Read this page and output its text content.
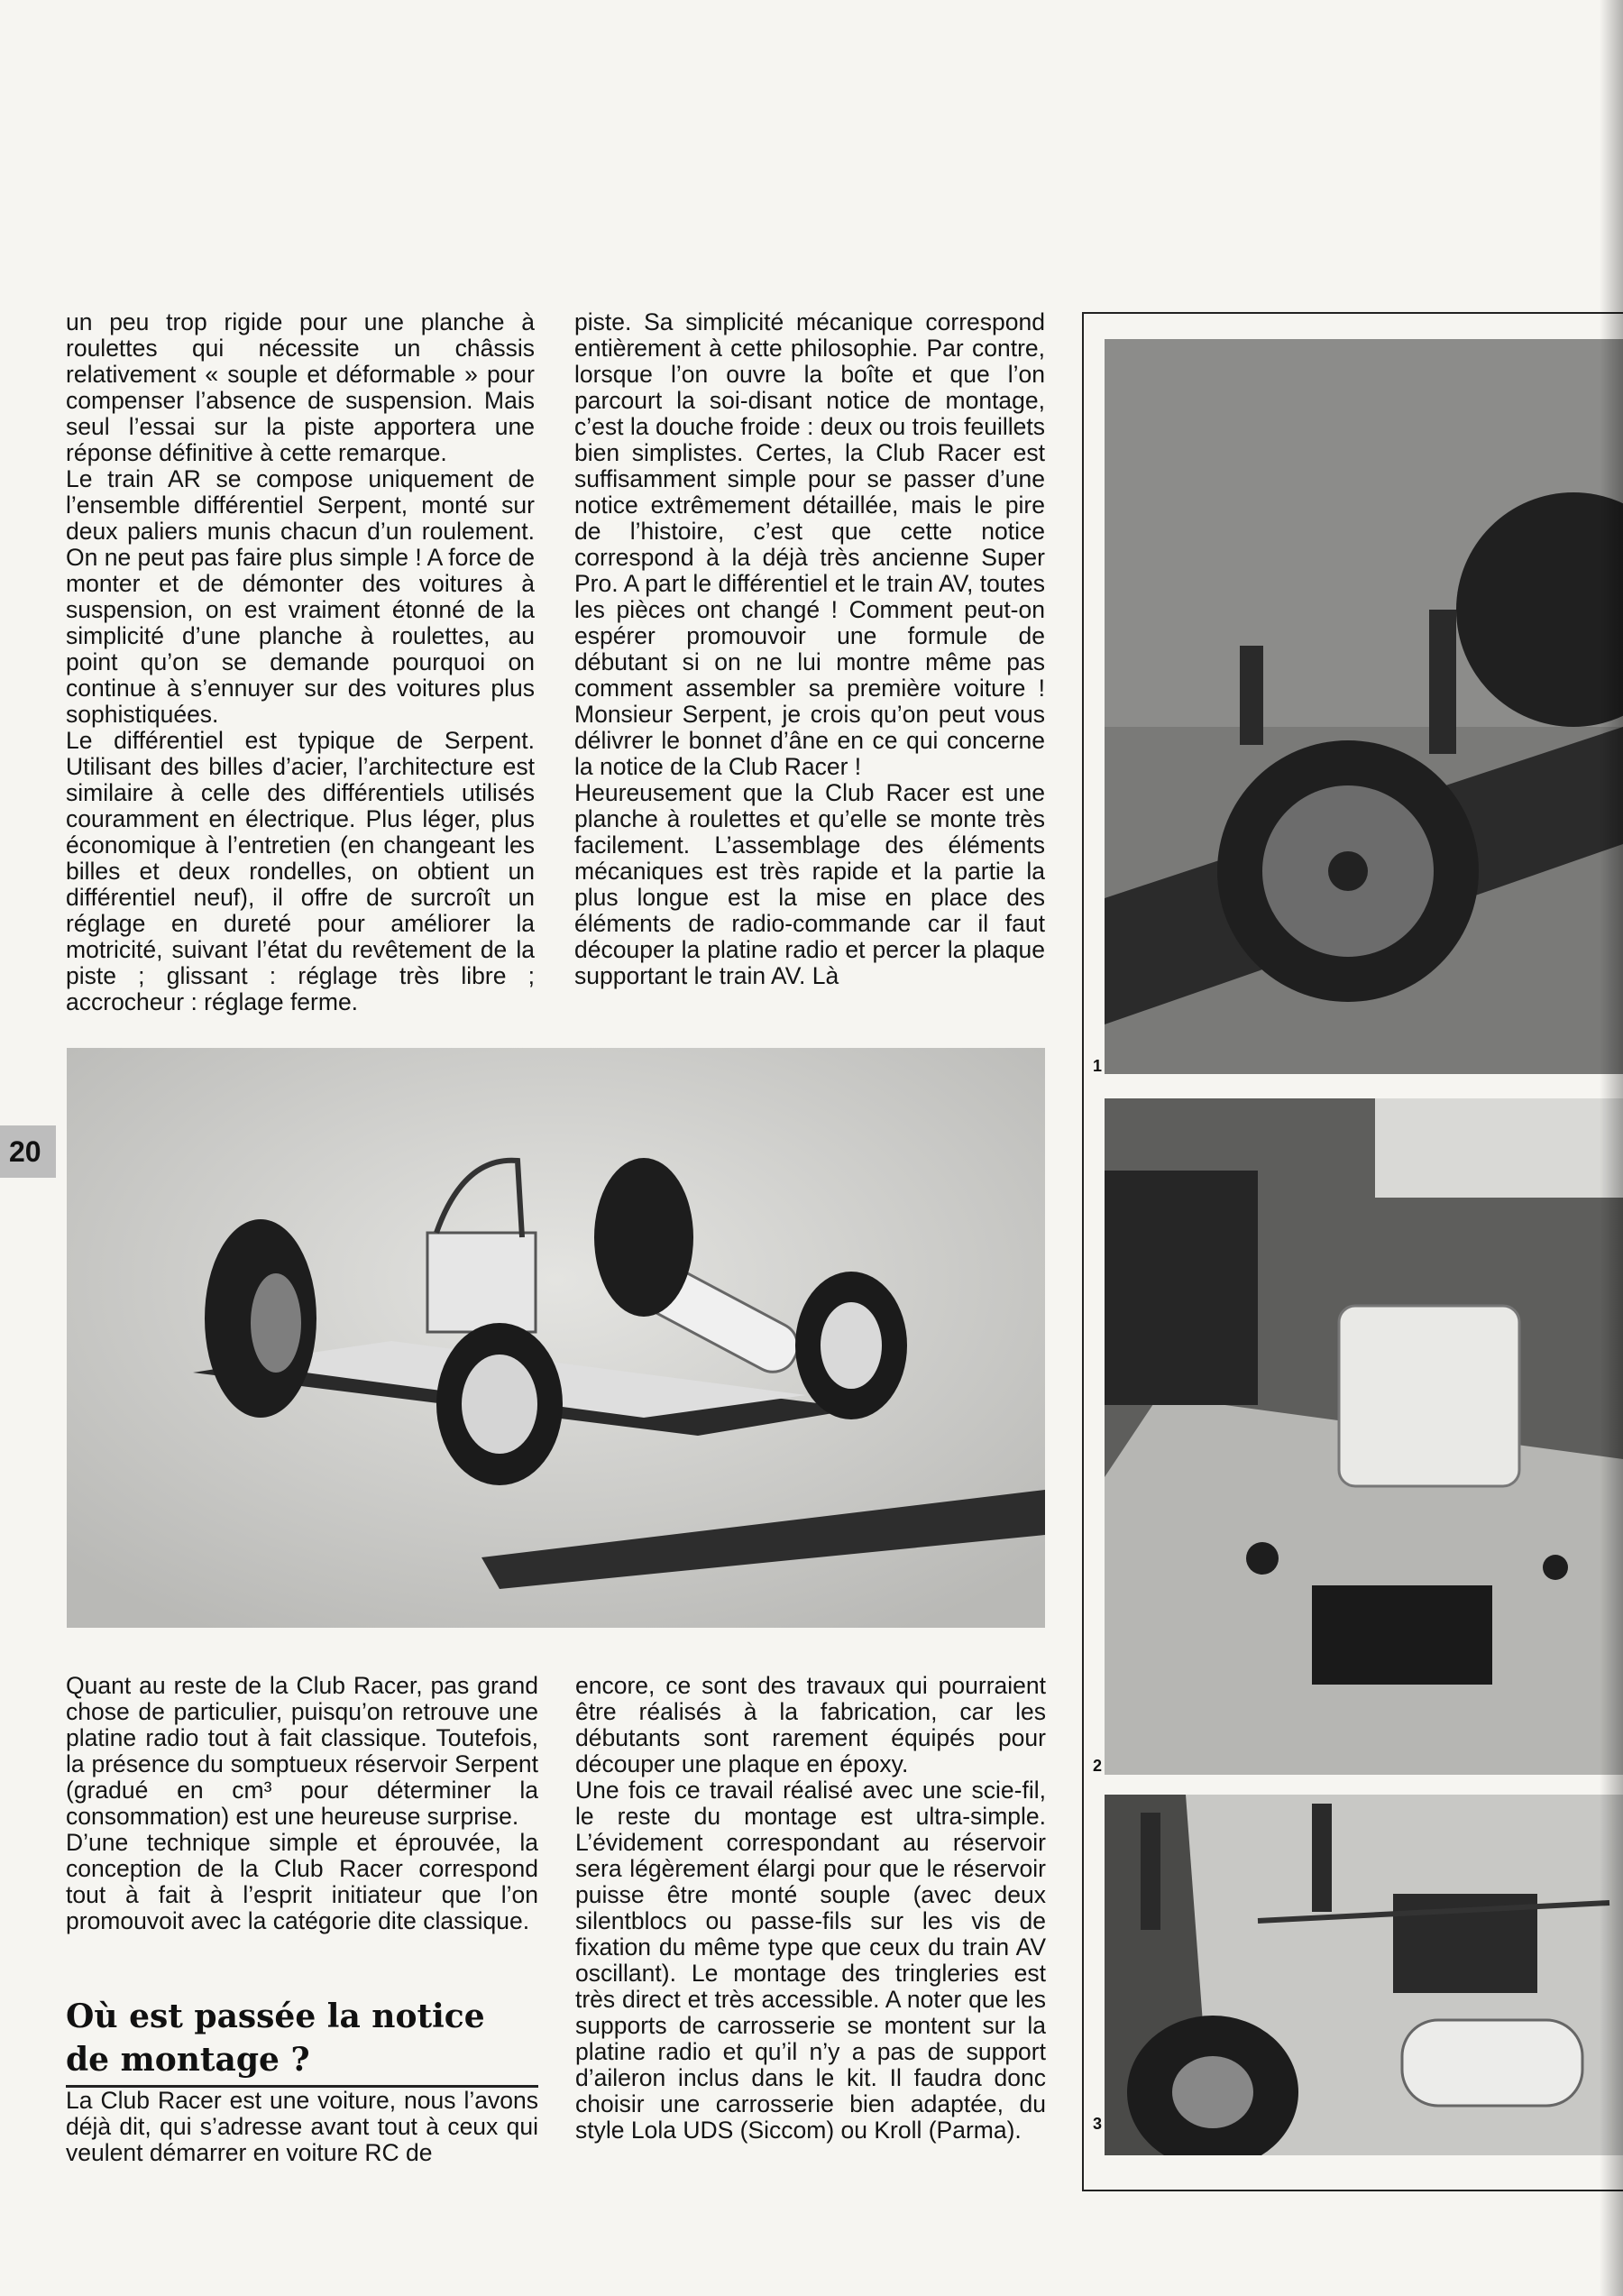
un peu trop rigide pour une planche à roulettes qui nécessite un châssis relativement « souple et déformable » pour compenser l’absence de suspension. Mais seul l’essai sur la piste apportera une réponse définitive à cette remarque.

Le train AR se compose uniquement de l’ensemble différentiel Serpent, monté sur deux paliers munis chacun d’un roulement. On ne peut pas faire plus simple ! A force de monter et de démonter des voitures à suspension, on est vraiment étonné de la simplicité d’une planche à roulettes, au point qu’on se demande pourquoi on continue à s’ennuyer sur des voitures plus sophistiquées.

Le différentiel est typique de Serpent. Utilisant des billes d’acier, l’architecture est similaire à celle des différentiels utilisés couramment en électrique. Plus léger, plus économique à l’entretien (en changeant les billes et deux rondelles, on obtient un différentiel neuf), il offre de surcroît un réglage en dureté pour améliorer la motricité, suivant l’état du revêtement de la piste ; glissant : réglage très libre ; accrocheur : réglage ferme.

piste. Sa simplicité mécanique correspond entièrement à cette philosophie. Par contre, lorsque l’on ouvre la boîte et que l’on parcourt la soi-disant notice de montage, c’est la douche froide : deux ou trois feuillets bien simplistes. Certes, la Club Racer est suffisamment simple pour se passer d’une notice extrêmement détaillée, mais le pire de l’histoire, c’est que cette notice correspond à la déjà très ancienne Super Pro. A part le différentiel et le train AV, toutes les pièces ont changé ! Comment peut-on espérer promouvoir une formule de débutant si on ne lui montre même pas comment assembler sa première voiture ! Monsieur Serpent, je crois qu’on peut vous délivrer le bonnet d’âne en ce qui concerne la notice de la Club Racer !

Heureusement que la Club Racer est une planche à roulettes et qu’elle se monte très facilement. L’assemblage des éléments mécaniques est très rapide et la partie la plus longue est la mise en place des éléments de radio-commande car il faut découper la platine radio et percer la plaque supportant le train AV. Là

20

Quant au reste de la Club Racer, pas grand chose de particulier, puisqu’on retrouve une platine radio tout à fait classique. Toutefois, la présence du somptueux réservoir Serpent (gradué en cm³ pour déterminer la consommation) est une heureuse surprise.

D’une technique simple et éprouvée, la conception de la Club Racer correspond tout à fait à l’esprit initiateur que l’on promouvoit avec la catégorie dite classique.

Où est passée la notice de montage ?

La Club Racer est une voiture, nous l’avons déjà dit, qui s’adresse avant tout à ceux qui veulent démarrer en voiture RC de

encore, ce sont des travaux qui pourraient être réalisés à la fabrication, car les débutants sont rarement équipés pour découper une plaque en époxy.

Une fois ce travail réalisé avec une scie-fil, le reste du montage est ultra-simple. L’évidement correspondant au réservoir sera légèrement élargi pour que le réservoir puisse être monté souple (avec deux silentblocs ou passe-fils sur les vis de fixation du même type que ceux du train AV oscillant). Le montage des tringleries est très direct et très accessible. A noter que les supports de carrosserie se montent sur la platine radio et qu’il n’y a pas de support d’aileron inclus dans le kit. Il faudra donc choisir une carrosserie bien adaptée, du style Lola UDS (Siccom) ou Kroll (Parma).

1
2
3
